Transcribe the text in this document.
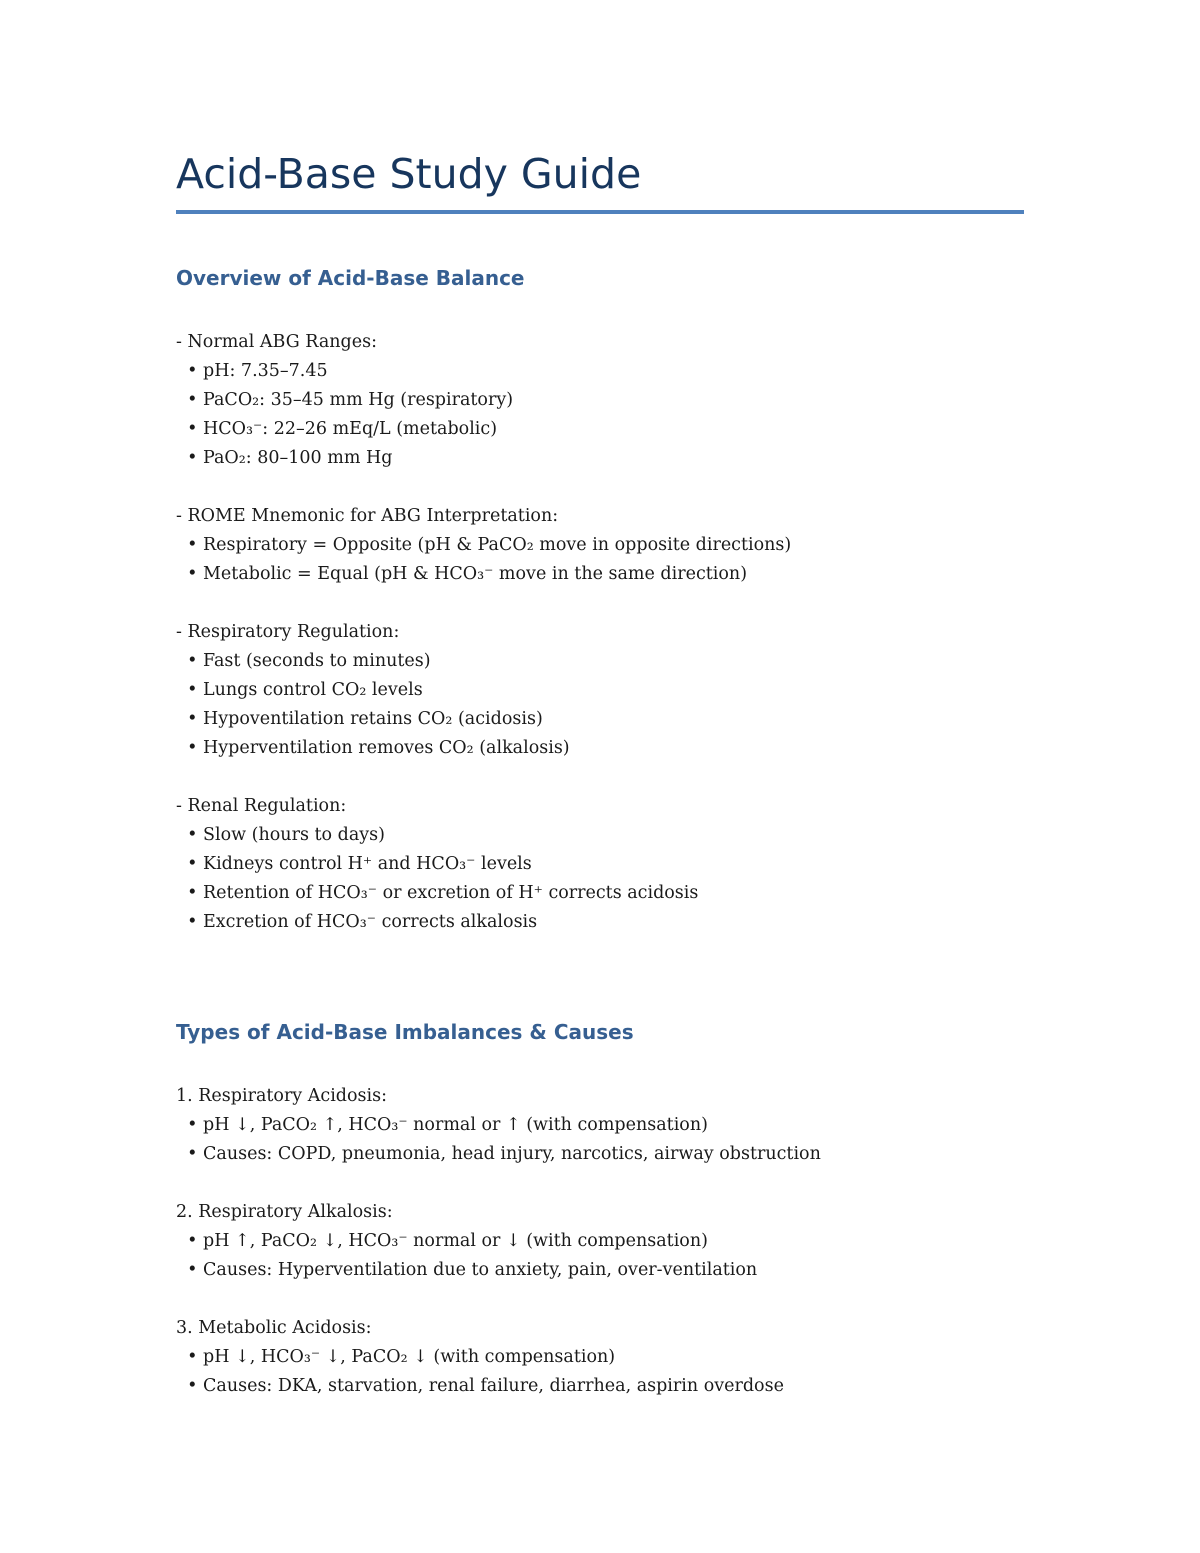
Acid-Base Study Guide
Overview of Acid-Base Balance
- Normal ABG Ranges:
• pH: 7.35–7.45
• PaCO₂: 35–45 mm Hg (respiratory)
• HCO₃⁻: 22–26 mEq/L (metabolic)
• PaO₂: 80–100 mm Hg
- ROME Mnemonic for ABG Interpretation:
• Respiratory = Opposite (pH & PaCO₂ move in opposite directions)
• Metabolic = Equal (pH & HCO₃⁻ move in the same direction)
- Respiratory Regulation:
• Fast (seconds to minutes)
• Lungs control CO₂ levels
• Hypoventilation retains CO₂ (acidosis)
• Hyperventilation removes CO₂ (alkalosis)
- Renal Regulation:
• Slow (hours to days)
• Kidneys control H⁺ and HCO₃⁻ levels
• Retention of HCO₃⁻ or excretion of H⁺ corrects acidosis
• Excretion of HCO₃⁻ corrects alkalosis
Types of Acid-Base Imbalances & Causes
1. Respiratory Acidosis:
• pH ↓, PaCO₂ ↑, HCO₃⁻ normal or ↑ (with compensation)
• Causes: COPD, pneumonia, head injury, narcotics, airway obstruction
2. Respiratory Alkalosis:
• pH ↑, PaCO₂ ↓, HCO₃⁻ normal or ↓ (with compensation)
• Causes: Hyperventilation due to anxiety, pain, over-ventilation
3. Metabolic Acidosis:
• pH ↓, HCO₃⁻ ↓, PaCO₂ ↓ (with compensation)
• Causes: DKA, starvation, renal failure, diarrhea, aspirin overdose
